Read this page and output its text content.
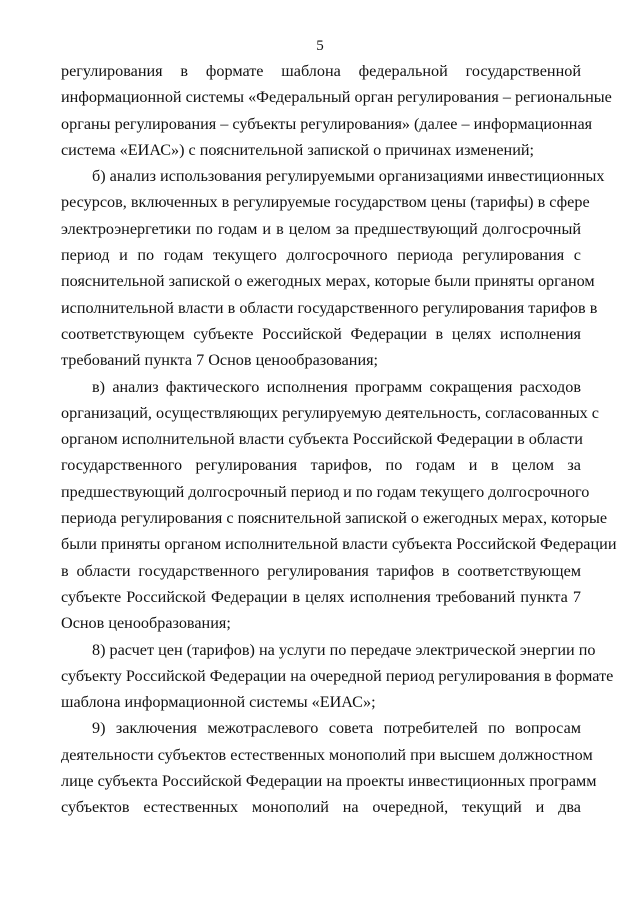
5
регулирования в формате шаблона федеральной государственной
информационной системы «Федеральный орган регулирования – региональные
органы регулирования – субъекты регулирования» (далее – информационная
система «ЕИАС») с пояснительной запиской о причинах изменений;
б) анализ использования регулируемыми организациями инвестиционных
ресурсов, включенных в регулируемые государством цены (тарифы) в сфере
электроэнергетики по годам и в целом за предшествующий долгосрочный
период и по годам текущего долгосрочного периода регулирования с
пояснительной запиской о ежегодных мерах, которые были приняты органом
исполнительной власти в области государственного регулирования тарифов в
соответствующем субъекте Российской Федерации в целях исполнения
требований пункта 7 Основ ценообразования;
в) анализ фактического исполнения программ сокращения расходов
организаций, осуществляющих регулируемую деятельность, согласованных с
органом исполнительной власти субъекта Российской Федерации в области
государственного регулирования тарифов, по годам и в целом за
предшествующий долгосрочный период и по годам текущего долгосрочного
периода регулирования с пояснительной запиской о ежегодных мерах, которые
были приняты органом исполнительной власти субъекта Российской Федерации
в области государственного регулирования тарифов в соответствующем
субъекте Российской Федерации в целях исполнения требований пункта 7
Основ ценообразования;
8) расчет цен (тарифов) на услуги по передаче электрической энергии по
субъекту Российской Федерации на очередной период регулирования в формате
шаблона информационной системы «ЕИАС»;
9) заключения межотраслевого совета потребителей по вопросам
деятельности субъектов естественных монополий при высшем должностном
лице субъекта Российской Федерации на проекты инвестиционных программ
субъектов естественных монополий на очередной, текущий и два
